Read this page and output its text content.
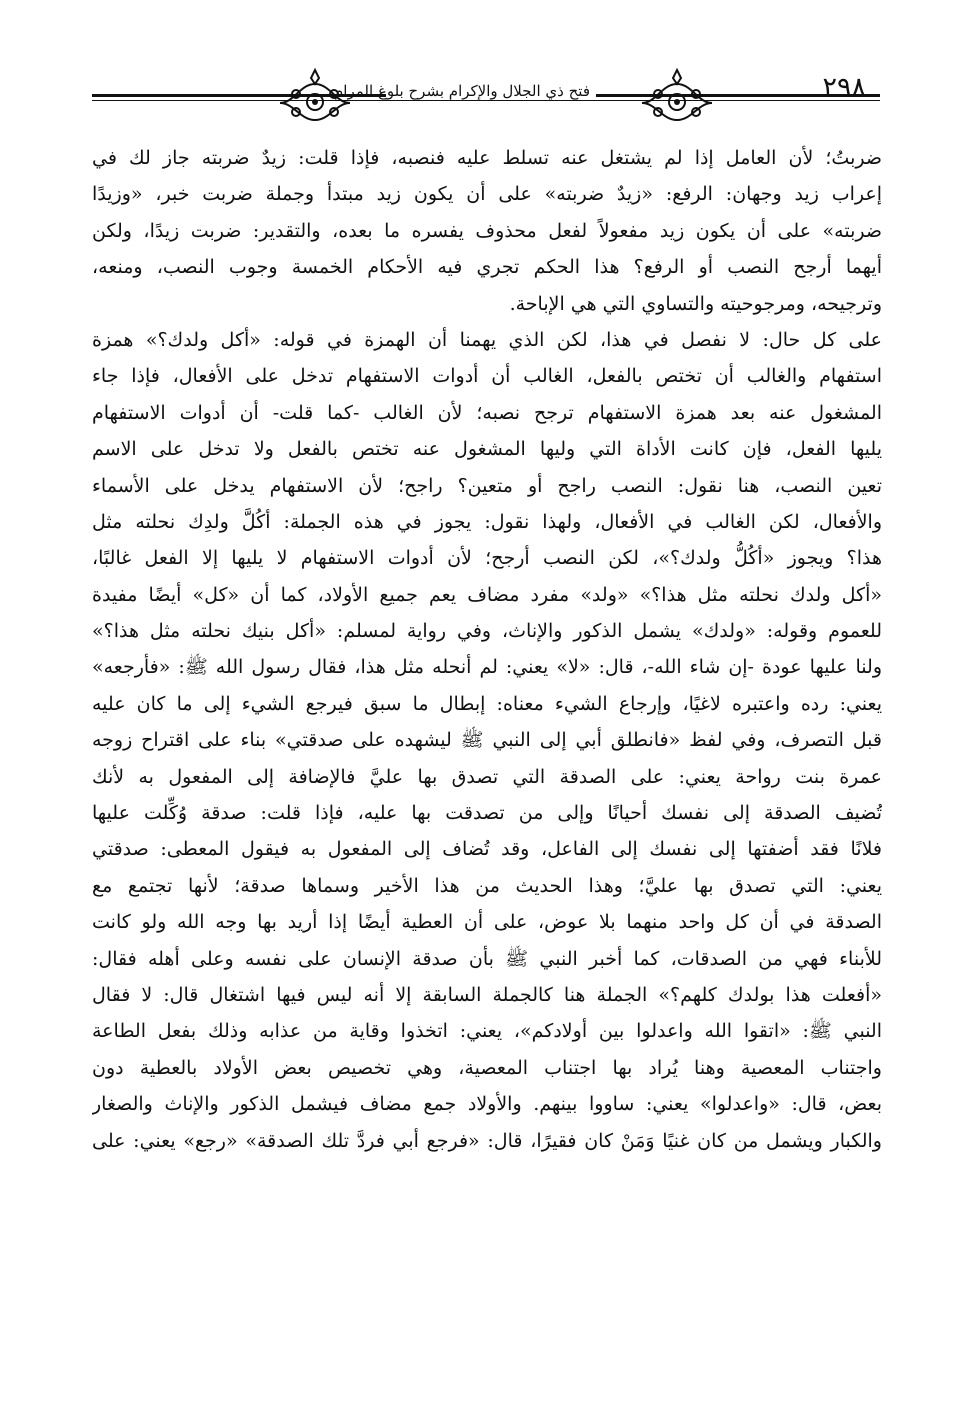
فتح ذي الجلال والإكرام بشرح بلوغ المرام	٢٩٨
ضربتُ؛ لأن العامل إذا لم يشتغل عنه تسلط عليه فنصبه، فإذا قلت: زيدٌ ضربته جاز لك في
إعراب زيد وجهان: الرفع: «زيدٌ ضربته» على أن يكون زيد مبتدأ وجملة ضربت خبر، «وزيدًا
ضربته» على أن يكون زيد مفعولاً لفعل محذوف يفسره ما بعده، والتقدير: ضربت زيدًا، ولكن
أيهما أرجح النصب أو الرفع؟ هذا الحكم تجري فيه الأحكام الخمسة وجوب النصب، ومنعه،
وترجيحه، ومرجوحيته والتساوي التي هي الإباحة.
على كل حال: لا نفصل في هذا، لكن الذي يهمنا أن الهمزة في قوله: «أكل ولدك؟» همزة
استفهام والغالب أن تختص بالفعل، الغالب أن أدوات الاستفهام تدخل على الأفعال، فإذا جاء
المشغول عنه بعد همزة الاستفهام ترجح نصبه؛ لأن الغالب -كما قلت- أن أدوات الاستفهام
يليها الفعل، فإن كانت الأداة التي وليها المشغول عنه تختص بالفعل ولا تدخل على الاسم
تعين النصب، هنا نقول: النصب راجح أو متعين؟ راجح؛ لأن الاستفهام يدخل على الأسماء
والأفعال، لكن الغالب في الأفعال، ولهذا نقول: يجوز في هذه الجملة: أكُلَّ ولدِك نحلته مثل
هذا؟ ويجوز «أكُلُّ ولدك؟»، لكن النصب أرجح؛ لأن أدوات الاستفهام لا يليها إلا الفعل غالبًا،
«أكل ولدك نحلته مثل هذا؟» «ولد» مفرد مضاف يعم جميع الأولاد، كما أن «كل» أيضًا مفيدة
للعموم وقوله: «ولدك» يشمل الذكور والإناث، وفي رواية لمسلم: «أكل بنيك نحلته مثل هذا؟»
ولنا عليها عودة -إن شاء الله-، قال: «لا» يعني: لم أنحله مثل هذا، فقال رسول الله ﷺ: «فأرجعه»
يعني: رده واعتبره لاغيًا، وإرجاع الشيء معناه: إبطال ما سبق فيرجع الشيء إلى ما كان عليه
قبل التصرف، وفي لفظ «فانطلق أبي إلى النبي ﷺ ليشهده على صدقتي» بناء على اقتراح زوجه
عمرة بنت رواحة يعني: على الصدقة التي تصدق بها عليَّ فالإضافة إلى المفعول به لأنك
تُضيف الصدقة إلى نفسك أحيانًا وإلى من تصدقت بها عليه، فإذا قلت: صدقة وُكِّلت عليها
فلانًا فقد أضفتها إلى نفسك إلى الفاعل، وقد تُضاف إلى المفعول به فيقول المعطى: صدقتي
يعني: التي تصدق بها عليَّ؛ وهذا الحديث من هذا الأخير وسماها صدقة؛ لأنها تجتمع مع
الصدقة في أن كل واحد منهما بلا عوض، على أن العطية أيضًا إذا أريد بها وجه الله ولو كانت
للأبناء فهي من الصدقات، كما أخبر النبي ﷺ بأن صدقة الإنسان على نفسه وعلى أهله فقال:
«أفعلت هذا بولدك كلهم؟» الجملة هنا كالجملة السابقة إلا أنه ليس فيها اشتغال قال: لا فقال
النبي ﷺ: «اتقوا الله واعدلوا بين أولادكم»، يعني: اتخذوا وقاية من عذابه وذلك بفعل الطاعة
واجتناب المعصية وهنا يُراد بها اجتناب المعصية، وهي تخصيص بعض الأولاد بالعطية دون
بعض، قال: «واعدلوا» يعني: ساووا بينهم. والأولاد جمع مضاف فيشمل الذكور والإناث والصغار
والكبار ويشمل من كان غنيًا وَمَنْ كان فقيرًا، قال: «فرجع أبي فردَّ تلك الصدقة» «رجع» يعني: على
